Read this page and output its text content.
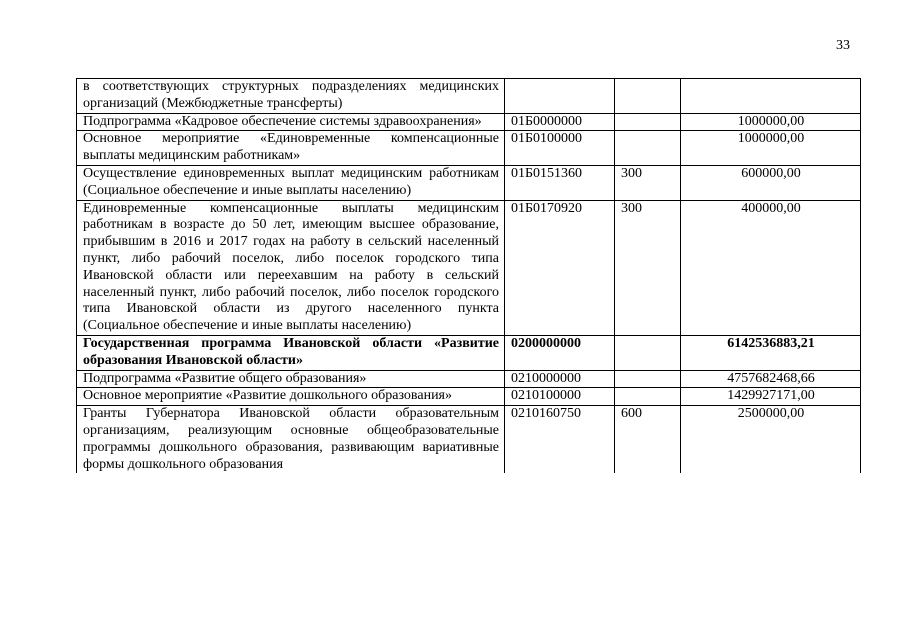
33
в соответствующих структурных подразделениях медицинских организаций (Межбюджетные трансферты)			
Подпрограмма «Кадровое обеспечение системы здравоохранения»	01Б0000000		1000000,00
Основное мероприятие «Единовременные компенсационные выплаты медицинским работникам»	01Б0100000		1000000,00
Осуществление единовременных выплат медицинским работникам (Социальное обеспечение и иные выплаты населению)	01Б0151360	300	600000,00
Единовременные компенсационные выплаты медицинским работникам в возрасте до 50 лет, имеющим высшее образование, прибывшим в 2016 и 2017 годах на работу в сельский населенный пункт, либо рабочий поселок, либо поселок городского типа Ивановской области или переехавшим на работу в сельский населенный пункт, либо рабочий поселок, либо поселок городского типа Ивановской области из другого населенного пункта (Социальное обеспечение и иные выплаты населению)	01Б0170920	300	400000,00
Государственная программа Ивановской области «Развитие образования Ивановской области»	0200000000		6142536883,21
Подпрограмма «Развитие общего образования»	0210000000		4757682468,66
Основное мероприятие «Развитие дошкольного образования»	0210100000		1429927171,00
Гранты Губернатора Ивановской области образовательным организациям, реализующим основные общеобразовательные программы дошкольного образования, развивающим вариативные формы дошкольного образования	0210160750	600	2500000,00
